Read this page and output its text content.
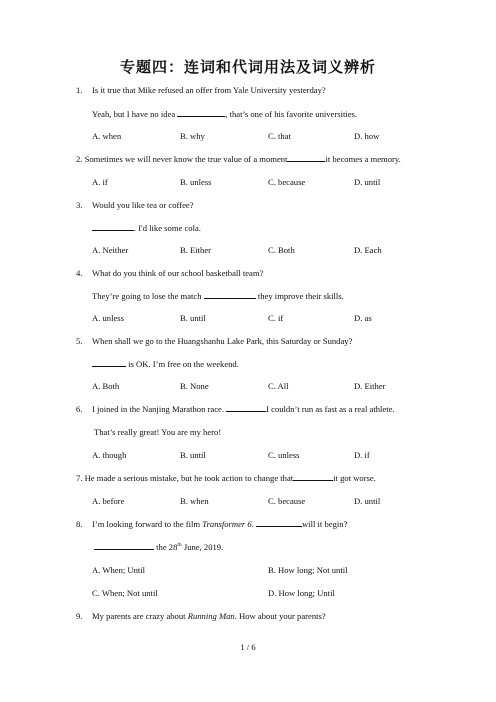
专题四：连词和代词用法及词义辨析
1. Is it true that Mike refused an offer from Yale University yesterday?
Yeah, but I have no idea	, that’s one of his favorite universities.
A. when	B. why	C. that	D. how
2. Sometimes we will never know the true value of a moment	it becomes a memory.
A. if	B. unless	C. because	D. until
3. Would you like tea or coffee?
. I'd like some cola.
A. Neither	B. Either	C. Both	D. Each
4. What do you think of our school basketball team?
They’re going to lose the match	they improve their skills.
A. unless	B. until	C. if	D. as
5. When shall we go to the Huangshanhu Lake Park, this Saturday or Sunday?
is OK. I’m free on the weekend.
A. Both	B. None	C. All	D. Either
6. I joined in the Nanjing Marathon race.	I couldn’t run as fast as a real athlete.
That’s really great! You are my hero!
A. though	B. until	C. unless	D. if
7. He made a serious mistake, but he took action to change that	it got worse.
A. before	B. when	C. because	D. until
8. I’m looking forward to the film Transformer 6.	will it begin?
the 28th June, 2019.
A. When; Until	B. How long; Not until
C. When; Not until	D. How long; Until
9. My parents are crazy about Running Man. How about your parents?
1 / 6
